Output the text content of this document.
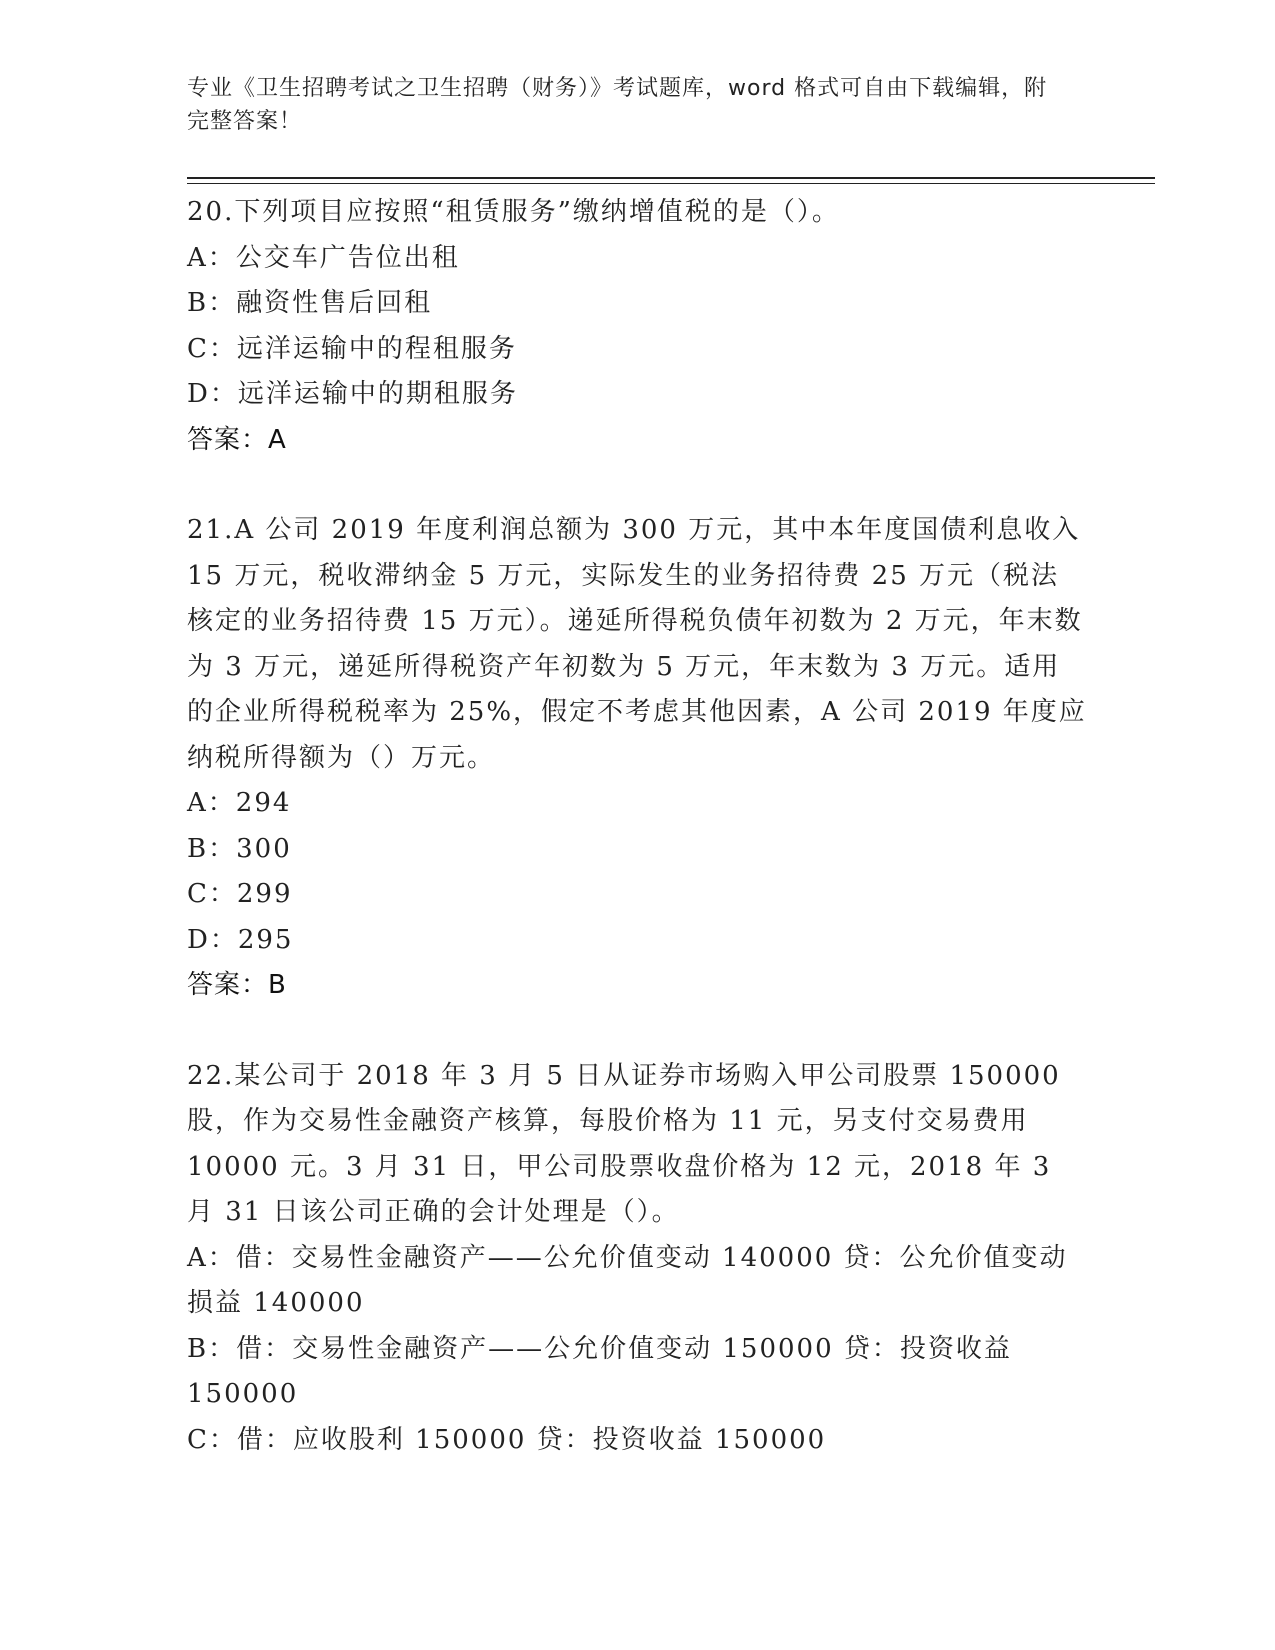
专业《卫生招聘考试之卫生招聘（财务）》考试题库，word 格式可自由下载编辑，附完整答案！

20.下列项目应按照“租赁服务”缴纳增值税的是（）。

A：公交车广告位出租

B：融资性售后回租

C：远洋运输中的程租服务

D：远洋运输中的期租服务

答案：A

21.A 公司 2019 年度利润总额为 300 万元，其中本年度国债利息收入 15 万元，税收滞纳金 5 万元，实际发生的业务招待费 25 万元（税法核定的业务招待费 15 万元）。递延所得税负债年初数为 2 万元，年末数为 3 万元，递延所得税资产年初数为 5 万元，年末数为 3 万元。适用的企业所得税税率为 25%，假定不考虑其他因素，A 公司 2019 年度应纳税所得额为（）万元。

A：294

B：300

C：299

D：295

答案：B

22.某公司于 2018 年 3 月 5 日从证券市场购入甲公司股票 150000 股，作为交易性金融资产核算，每股价格为 11 元，另支付交易费用 10000 元。3 月 31 日，甲公司股票收盘价格为 12 元，2018 年 3 月 31 日该公司正确的会计处理是（）。

A：借：交易性金融资产——公允价值变动 140000 贷：公允价值变动损益 140000

B：借：交易性金融资产——公允价值变动 150000 贷：投资收益 150000

C：借：应收股利 150000 贷：投资收益 150000
